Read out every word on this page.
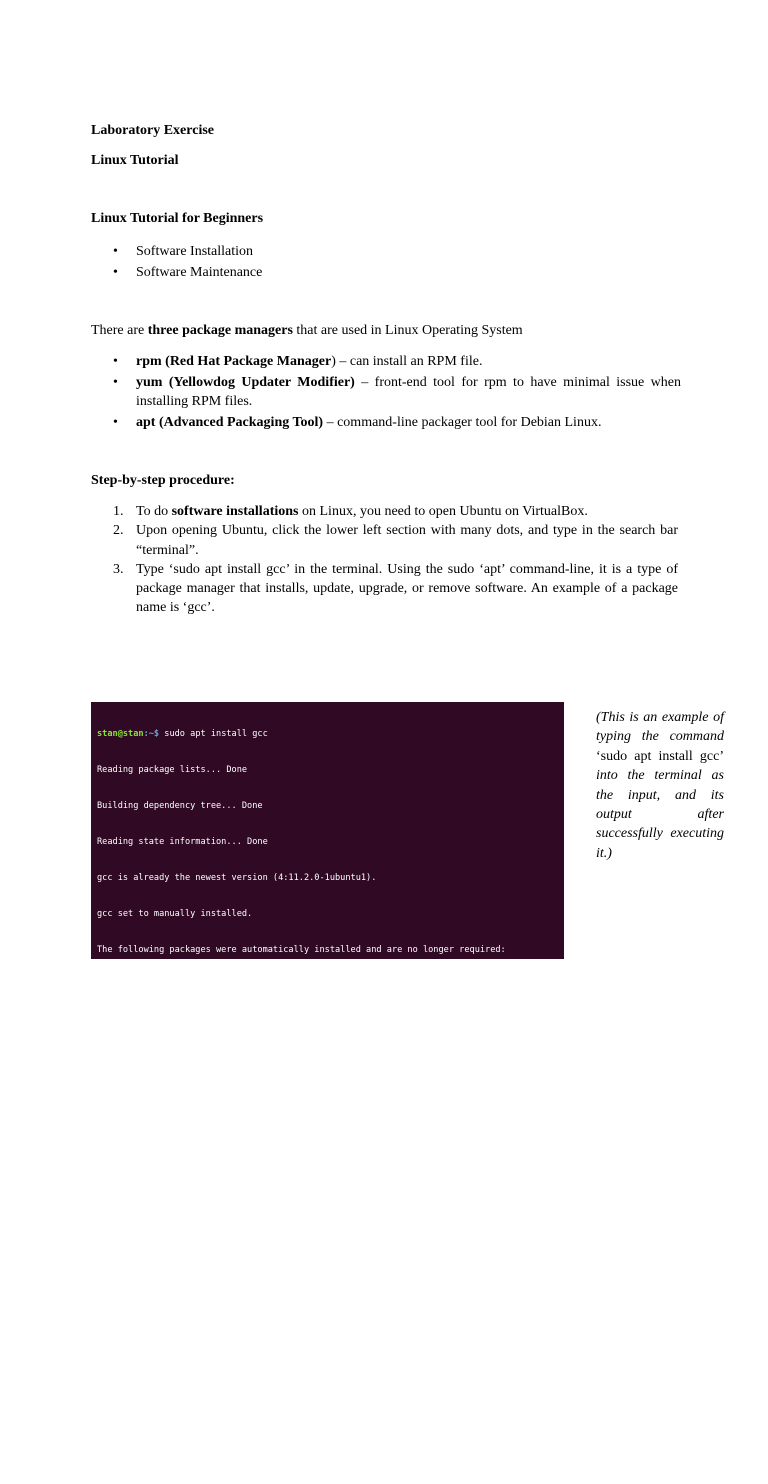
Laboratory Exercise
Linux Tutorial
Linux Tutorial for Beginners
• Software Installation
• Software Maintenance

There are three package managers that are used in Linux Operating System

• rpm (Red Hat Package Manager) – can install an RPM file.
• yum (Yellowdog Updater Modifier) – front-end tool for rpm to have minimal issue when installing RPM files.
• apt (Advanced Packaging Tool) – command-line packager tool for Debian Linux.
Step-by-step procedure:
1. To do software installations on Linux, you need to open Ubuntu on VirtualBox.
2. Upon opening Ubuntu, click the lower left section with many dots, and type in the search bar “terminal”.
3. Type ‘sudo apt install gcc’ in the terminal. Using the sudo ‘apt’ command-line, it is a type of package manager that installs, update, upgrade, or remove software. An example of a package name is ‘gcc’.

stan@stan:~$ sudo apt install gcc

Reading package lists... Done

Building dependency tree... Done

Reading state information... Done

gcc is already the newest version (4:11.2.0-1ubuntu1).

gcc set to manually installed.

The following packages were automatically installed and are no longer required:

chromium-codecs-ffmpeg-extra gstreamer1.0-vaapi i965-va-driver

intel-media-va-driver libaacs0 libaom3 libass9 libavcodec58 libavformat58

libavutil56 libbdplus0 libblas3 libbluray2 libbs2b0 libchromaprint1

libcodec2-1.0 libdav1d5 libflite1 libgme0 libgsm1

libgstreamer-plugins-bad1.0-0 libigdgmm12 liblilv-0-0 libmfx1 libmysofa1

libnorm1 libopenmpt0 libpgm-5.3-0 libpostproc55 librabbitmq4 librubberband2

libserd-0-0 libshine3 libsnappy1v5 libsord-0-0 libsratom-0-0

libsrt1.4-gnutls libssh-gcrypt-4 libswresample3 libswscale5 libudfread0

libva-drm2 libva-wayland2 libva-x11-2 libva2 libvdpau1 libvidstab1.1

libx265-199 libxvidcore4 libzimg2 libzmq5 libzvbi-common libzvbi0

mesa-va-drivers mesa-vdpau-drivers pocketsphinx-en-us va-driver-all

vdpau-driver-all

Use 'sudo apt autoremove' to remove them.

0 upgraded, 0 newly installed, 0 to remove and 1 not upgraded.

(This is an example of typing the command ‘sudo apt install gcc’ into the terminal as the input, and its output after successfully executing it.)
